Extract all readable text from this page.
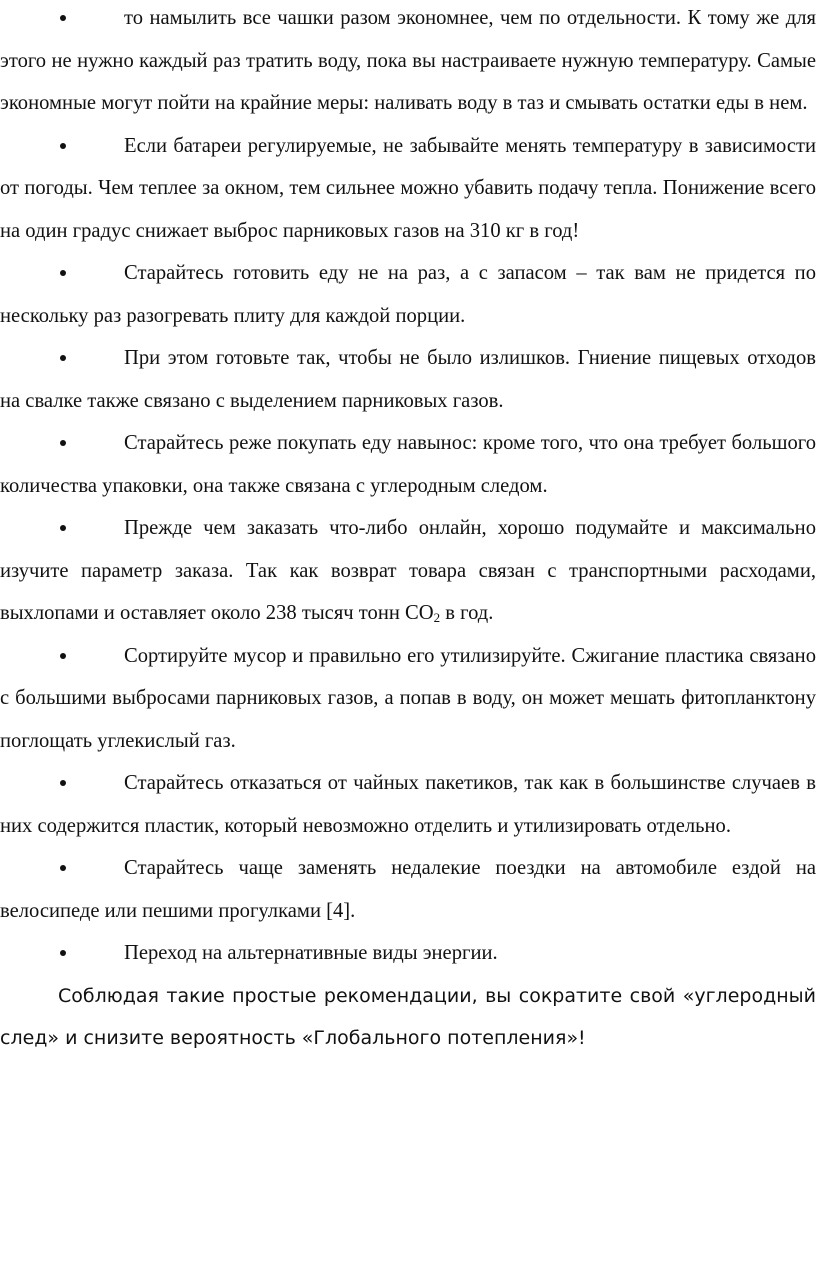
то намылить все чашки разом экономнее, чем по отдельности. К тому же для этого не нужно каждый раз тратить воду, пока вы настраиваете нужную температуру. Самые экономные могут пойти на крайние меры: наливать воду в таз и смывать остатки еды в нем.

Если батареи регулируемые, не забывайте менять температуру в зависимости от погоды. Чем теплее за окном, тем сильнее можно убавить подачу тепла. Понижение всего на один градус снижает выброс парниковых газов на 310 кг в год!

Старайтесь готовить еду не на раз, а с запасом – так вам не придется по нескольку раз разогревать плиту для каждой порции.

При этом готовьте так, чтобы не было излишков. Гниение пищевых отходов на свалке также связано с выделением парниковых газов.

Старайтесь реже покупать еду навынос: кроме того, что она требует большого количества упаковки, она также связана с углеродным следом.

Прежде чем заказать что-либо онлайн, хорошо подумайте и максимально изучите параметр заказа. Так как возврат товара связан с транспортными расходами, выхлопами и оставляет около 238 тысяч тонн $CO_2$ в год.

Сортируйте мусор и правильно его утилизируйте. Сжигание пластика связано с большими выбросами парниковых газов, а попав в воду, он может мешать фитопланктону поглощать углекислый газ.

Старайтесь отказаться от чайных пакетиков, так как в большинстве случаев в них содержится пластик, который невозможно отделить и утилизировать отдельно.

Старайтесь чаще заменять недалекие поездки на автомобиле ездой на велосипеде или пешими прогулками [4].

Переход на альтернативные виды энергии.

Соблюдая такие простые рекомендации, вы сократите свой «углеродный след» и снизите вероятность «Глобального потепления»!
